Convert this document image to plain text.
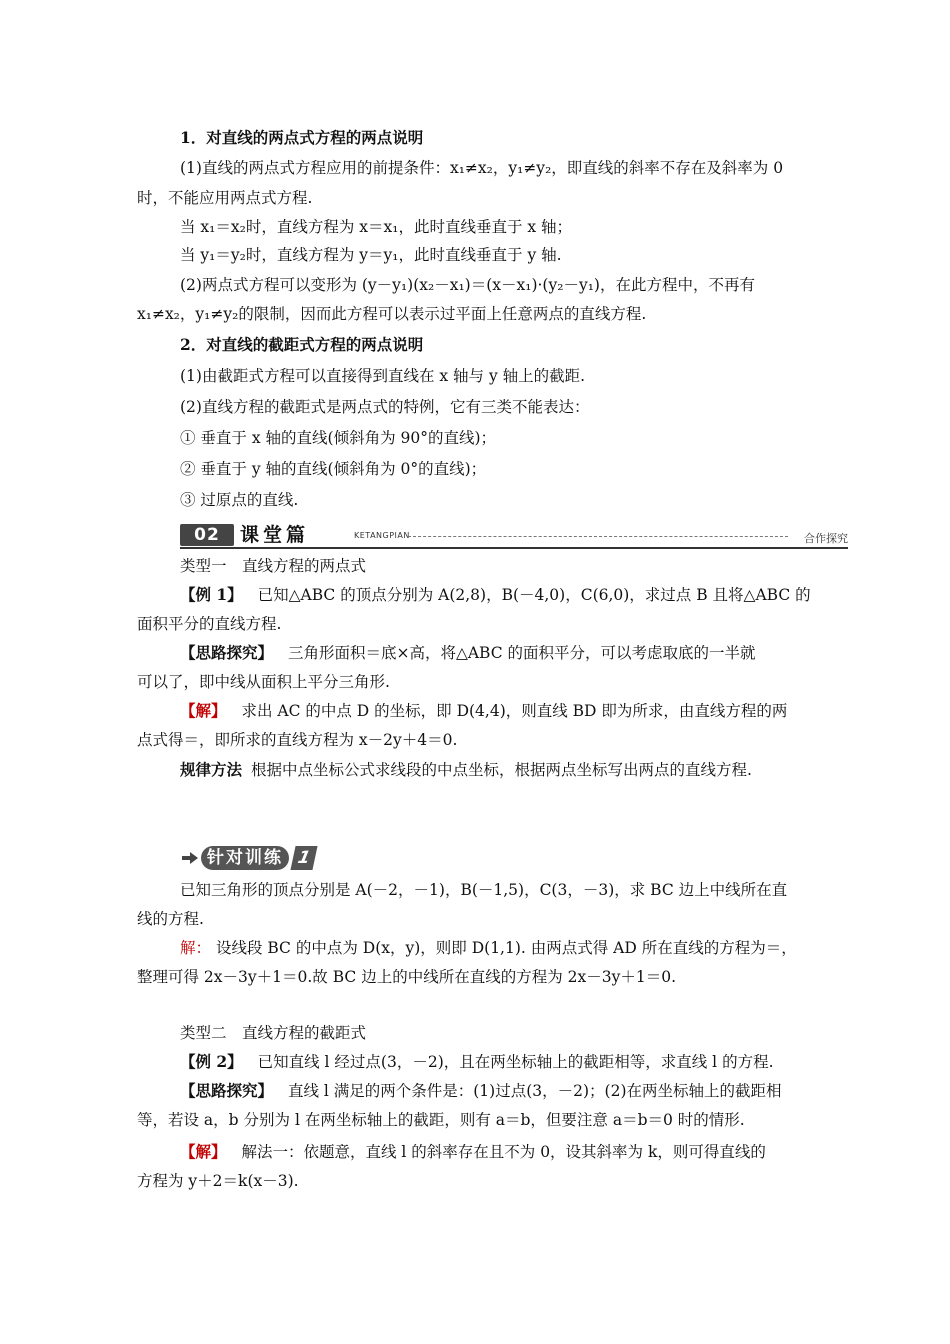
1．对直线的两点式方程的两点说明
(1)直线的两点式方程应用的前提条件：x₁≠x₂，y₁≠y₂，即直线的斜率不存在及斜率为 0
时，不能应用两点式方程.
当 x₁＝x₂时，直线方程为 x＝x₁，此时直线垂直于 x 轴；
当 y₁＝y₂时，直线方程为 y＝y₁，此时直线垂直于 y 轴.
(2)两点式方程可以变形为 (y－y₁)(x₂－x₁)＝(x－x₁)·(y₂－y₁)，在此方程中，不再有
x₁≠x₂，y₁≠y₂的限制，因而此方程可以表示过平面上任意两点的直线方程.
2．对直线的截距式方程的两点说明
(1)由截距式方程可以直接得到直线在 x 轴与 y 轴上的截距.
(2)直线方程的截距式是两点式的特例，它有三类不能表达：
① 垂直于 x 轴的直线(倾斜角为 90°的直线)；
② 垂直于 y 轴的直线(倾斜角为 0°的直线)；
③ 过原点的直线.
02	课堂篇	KETANGPIAN	合作探究
类型一　直线方程的两点式
【例 1】 已知△ABC 的顶点分别为 A(2,8)，B(－4,0)，C(6,0)，求过点 B 且将△ABC 的
面积平分的直线方程.
【思路探究】 三角形面积＝底×高，将△ABC 的面积平分，可以考虑取底的一半就
可以了，即中线从面积上平分三角形.
【解】 求出 AC 的中点 D 的坐标，即 D(4,4)，则直线 BD 即为所求，由直线方程的两
点式得＝，即所求的直线方程为 x－2y＋4＝0.
规律方法 根据中点坐标公式求线段的中点坐标，根据两点坐标写出两点的直线方程.
针对训练 1
已知三角形的顶点分别是 A(－2，－1)，B(－1,5)，C(3，－3)，求 BC 边上中线所在直
线的方程.
解： 设线段 BC 的中点为 D(x，y)，则即 D(1,1). 由两点式得 AD 所在直线的方程为＝，
整理可得 2x－3y＋1＝0.故 BC 边上的中线所在直线的方程为 2x－3y＋1＝0.
类型二　直线方程的截距式
【例 2】 已知直线 l 经过点(3，－2)，且在两坐标轴上的截距相等，求直线 l 的方程.
【思路探究】 直线 l 满足的两个条件是：(1)过点(3，－2)；(2)在两坐标轴上的截距相
等，若设 a，b 分别为 l 在两坐标轴上的截距，则有 a＝b，但要注意 a＝b＝0 时的情形.
【解】 解法一：依题意，直线 l 的斜率存在且不为 0，设其斜率为 k，则可得直线的
方程为 y＋2＝k(x－3).
